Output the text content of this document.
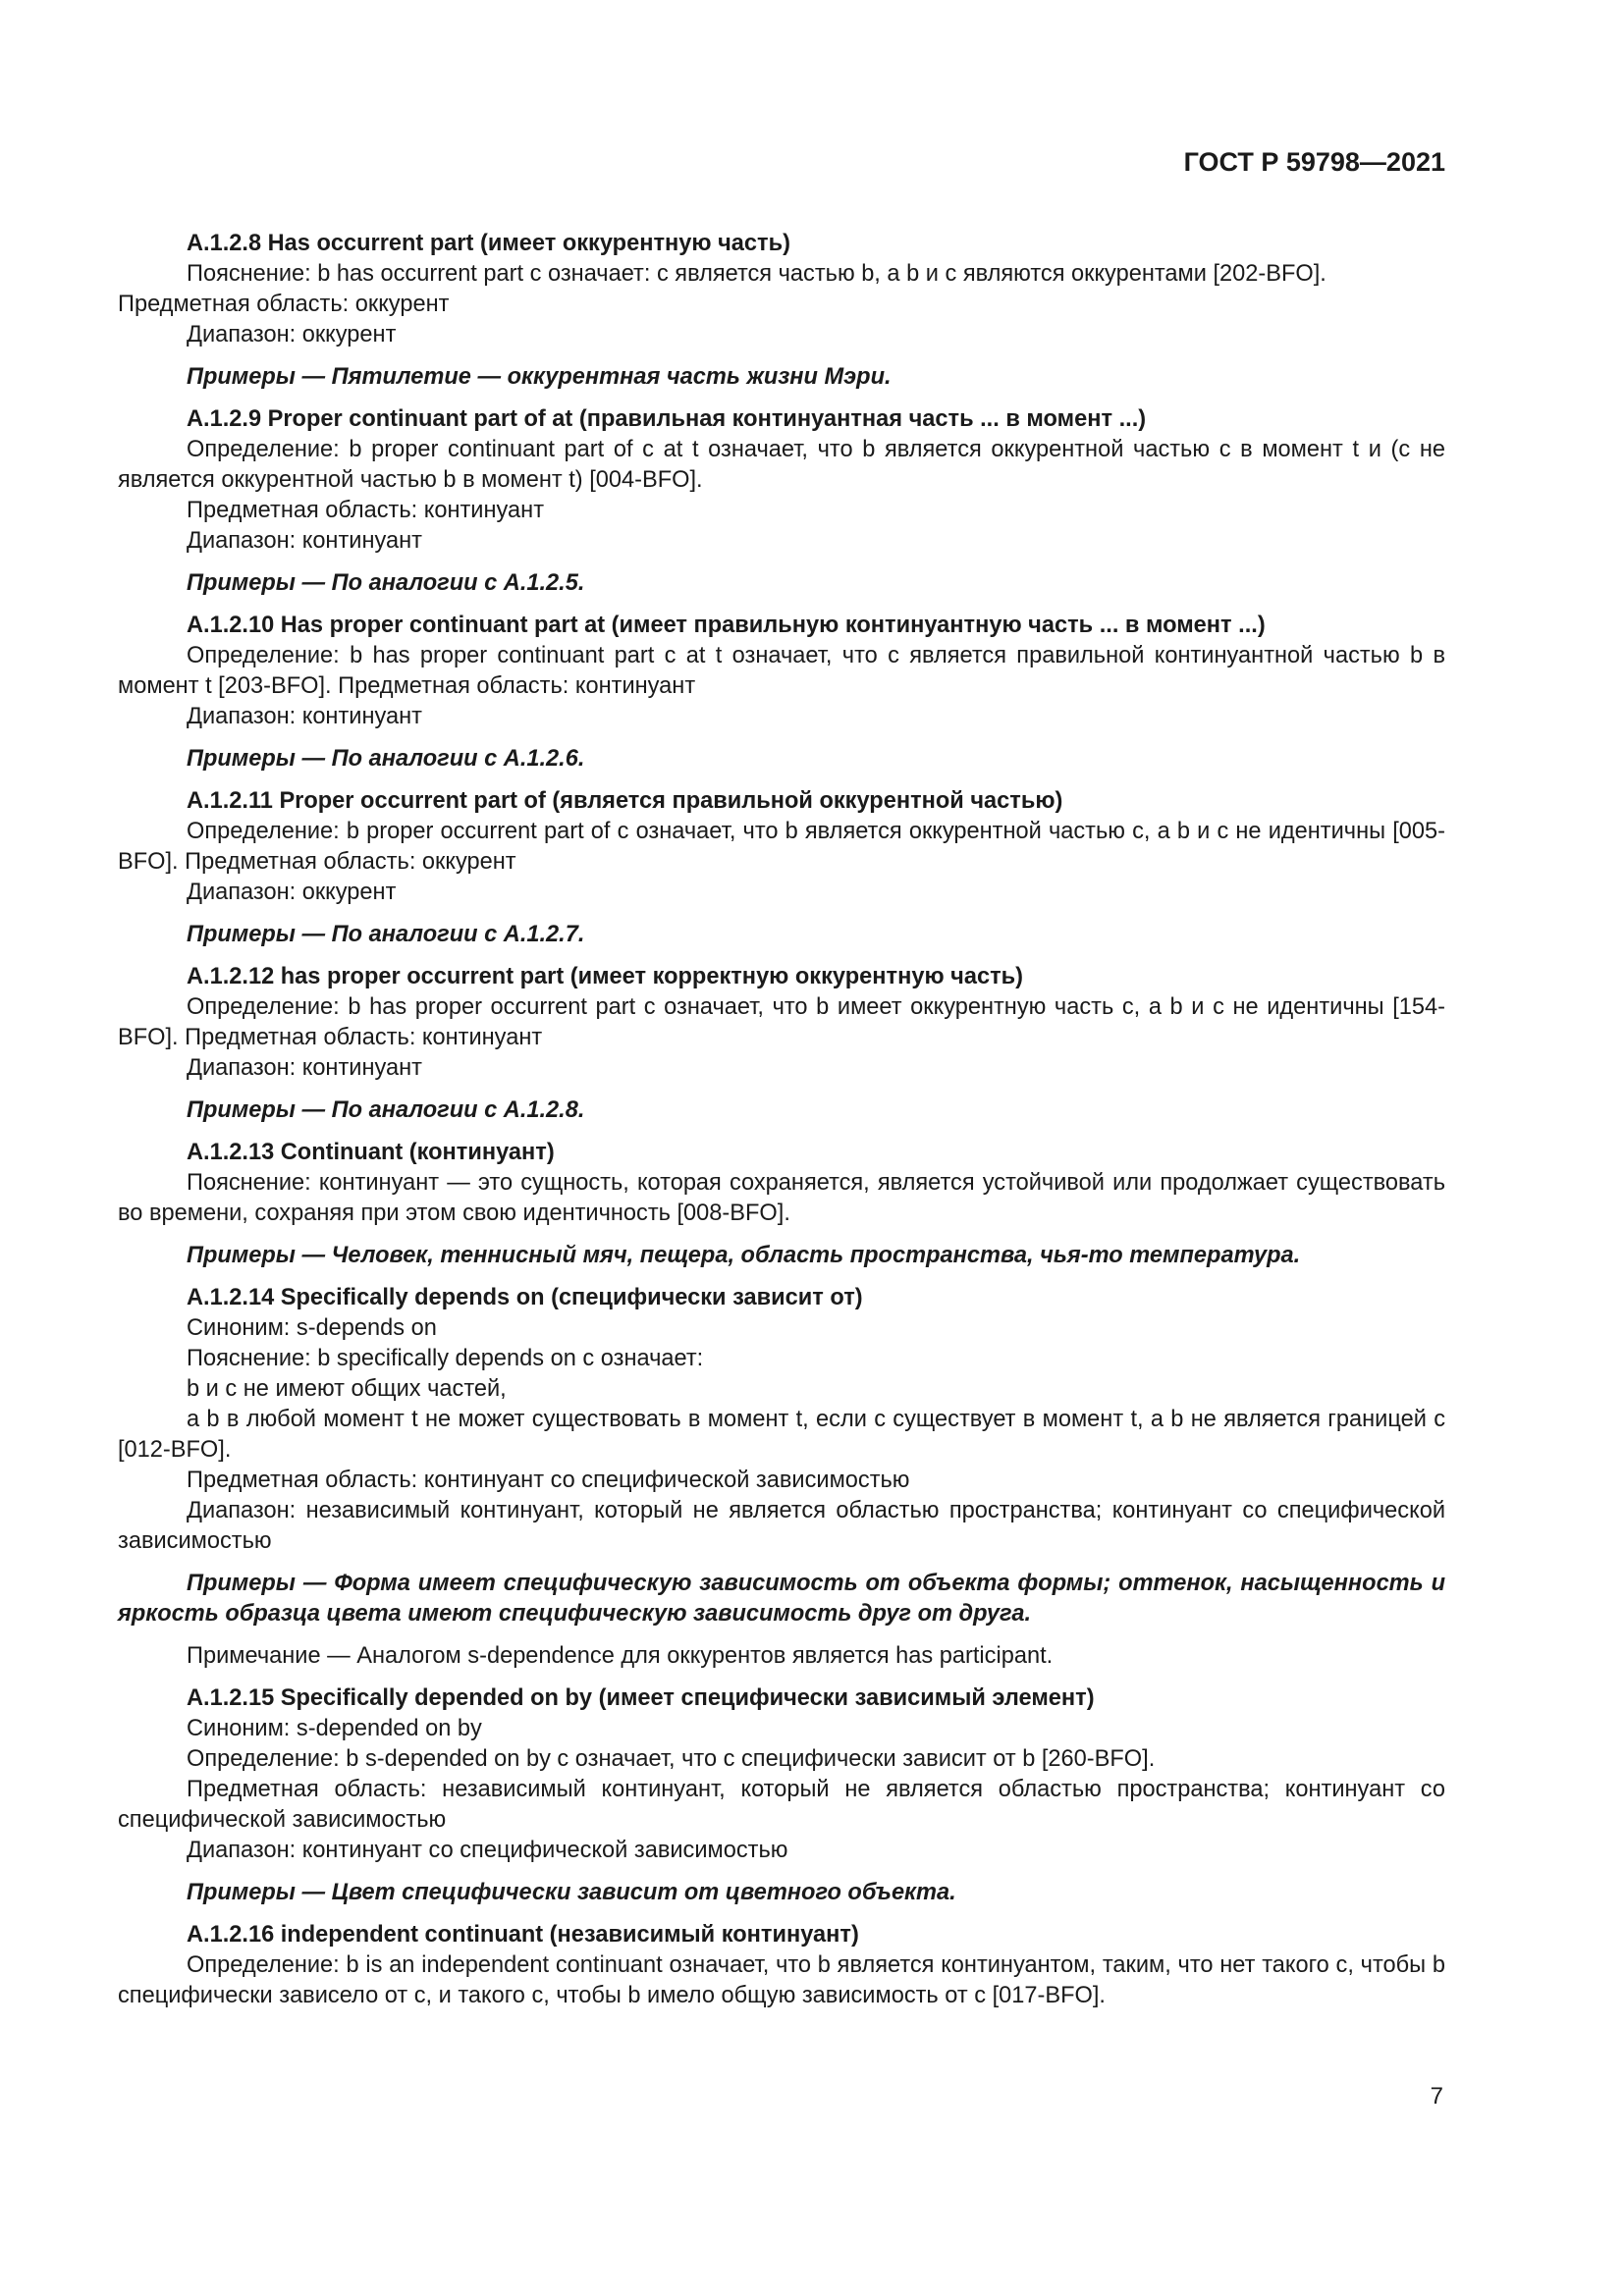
ГОСТ Р 59798—2021

A.1.2.8 Has occurrent part (имеет оккурентную часть)

Пояснение: b has occurrent part c означает: c является частью b, а b и c являются оккурентами [202-BFO].

Предметная область: оккурент

Диапазон: оккурент

Примеры — Пятилетие — оккурентная часть жизни Мэри.

A.1.2.9 Proper continuant part of at (правильная континуантная часть ... в момент ...)

Определение: b proper continuant part of c at t означает, что b является оккурентной частью c в момент t и (c не является оккурентной частью b в момент t) [004-BFO].

Предметная область: континуант

Диапазон: континуант

Примеры — По аналогии с A.1.2.5.

A.1.2.10 Has proper continuant part at (имеет правильную континуантную часть ... в момент ...)

Определение: b has proper continuant part c at t означает, что c является правильной континуантной частью b в момент t [203-BFO]. Предметная область: континуант

Диапазон: континуант

Примеры — По аналогии с A.1.2.6.

A.1.2.11 Proper occurrent part of (является правильной оккурентной частью)

Определение: b proper occurrent part of c означает, что b является оккурентной частью c, а b и c не идентичны [005-BFO]. Предметная область: оккурент

Диапазон: оккурент

Примеры — По аналогии с A.1.2.7.

A.1.2.12 has proper occurrent part (имеет корректную оккурентную часть)

Определение: b has proper occurrent part c означает, что b имеет оккурентную часть c, а b и c не идентичны [154-BFO]. Предметная область: континуант

Диапазон: континуант

Примеры — По аналогии с A.1.2.8.

A.1.2.13 Continuant (континуант)

Пояснение: континуант — это сущность, которая сохраняется, является устойчивой или продолжает существовать во времени, сохраняя при этом свою идентичность [008-BFO].

Примеры — Человек, теннисный мяч, пещера, область пространства, чья-то температура.

A.1.2.14 Specifically depends on (специфически зависит от)

Синоним: s-depends on

Пояснение: b specifically depends on c означает:

b и c не имеют общих частей,

а b в любой момент t не может существовать в момент t, если c существует в момент t, а b не является границей c [012-BFO].

Предметная область: континуант со специфической зависимостью

Диапазон: независимый континуант, который не является областью пространства; континуант со специфической зависимостью

Примеры — Форма имеет специфическую зависимость от объекта формы; оттенок, насыщенность и яркость образца цвета имеют специфическую зависимость друг от друга.

Примечание — Аналогом s-dependence для оккурентов является has participant.

A.1.2.15 Specifically depended on by (имеет специфически зависимый элемент)

Синоним: s-depended on by

Определение: b s-depended on by c означает, что c специфически зависит от b [260-BFO].

Предметная область: независимый континуант, который не является областью пространства; континуант со специфической зависимостью

Диапазон: континуант со специфической зависимостью

Примеры — Цвет специфически зависит от цветного объекта.

A.1.2.16 independent continuant (независимый континуант)

Определение: b is an independent continuant означает, что b является континуантом, таким, что нет такого c, чтобы b специфически зависело от c, и такого c, чтобы b имело общую зависимость от c [017-BFO].

7
